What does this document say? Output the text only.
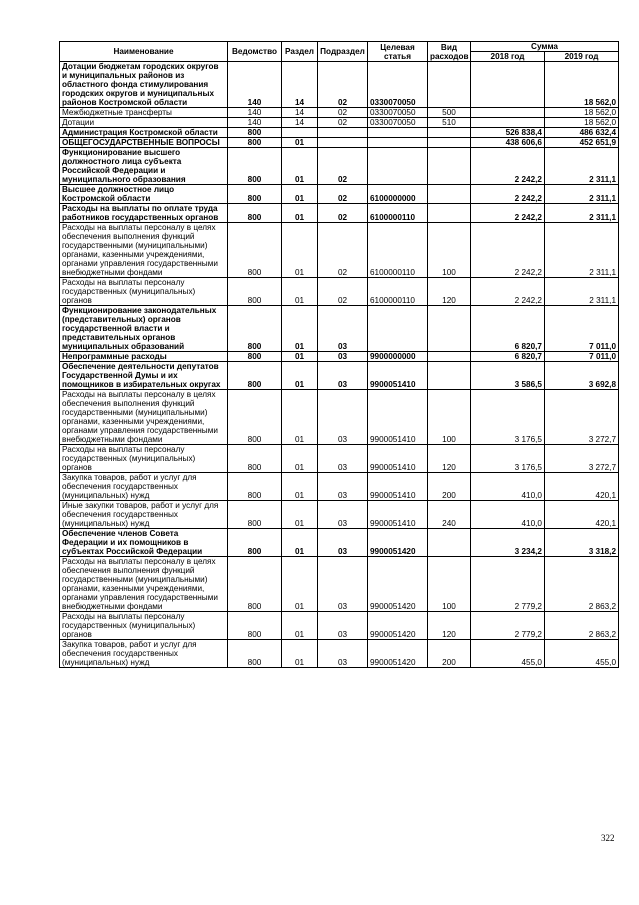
Наименование	Ведомство	Раздел	Подраздел	Целевая статья	Вид расходов	Сумма	
						2018 год	2019 год
Дотации бюджетам городских округов и муниципальных районов из областного фонда стимулирования городских округов и муниципальных районов Костромской области	140	14	02	0330070050			18 562,0
Межбюджетные трансферты	140	14	02	0330070050	500		18 562,0
Дотации	140	14	02	0330070050	510		18 562,0
Администрация Костромской области	800					526 838,4	486 632,4
ОБЩЕГОСУДАРСТВЕННЫЕ ВОПРОСЫ	800	01				438 606,6	452 651,9
Функционирование высшего должностного лица субъекта Российской Федерации и муниципального образования	800	01	02			2 242,2	2 311,1
Высшее должностное лицо Костромской области	800	01	02	6100000000		2 242,2	2 311,1
Расходы на выплаты по оплате труда работников государственных органов	800	01	02	6100000110		2 242,2	2 311,1
Расходы на выплаты персоналу в целях обеспечения выполнения функций государственными (муниципальными) органами, казенными учреждениями, органами управления государственными внебюджетными фондами	800	01	02	6100000110	100	2 242,2	2 311,1
Расходы на выплаты персоналу государственных (муниципальных) органов	800	01	02	6100000110	120	2 242,2	2 311,1
Функционирование законодательных (представительных) органов государственной власти и представительных органов муниципальных образований	800	01	03			6 820,7	7 011,0
Непрограммные расходы	800	01	03	9900000000		6 820,7	7 011,0
Обеспечение деятельности депутатов Государственной Думы и их помощников в избирательных округах	800	01	03	9900051410		3 586,5	3 692,8
Расходы на выплаты персоналу в целях обеспечения выполнения функций государственными (муниципальными) органами, казенными учреждениями, органами управления государственными внебюджетными фондами	800	01	03	9900051410	100	3 176,5	3 272,7
Расходы на выплаты персоналу государственных (муниципальных) органов	800	01	03	9900051410	120	3 176,5	3 272,7
Закупка товаров, работ и услуг для обеспечения государственных (муниципальных) нужд	800	01	03	9900051410	200	410,0	420,1
Иные закупки товаров, работ и услуг для обеспечения государственных (муниципальных) нужд	800	01	03	9900051410	240	410,0	420,1
Обеспечение членов Совета Федерации и их помощников в субъектах Российской Федерации	800	01	03	9900051420		3 234,2	3 318,2
Расходы на выплаты персоналу в целях обеспечения выполнения функций государственными (муниципальными) органами, казенными учреждениями, органами управления государственными внебюджетными фондами	800	01	03	9900051420	100	2 779,2	2 863,2
Расходы на выплаты персоналу государственных (муниципальных) органов	800	01	03	9900051420	120	2 779,2	2 863,2
Закупка товаров, работ и услуг для обеспечения государственных (муниципальных) нужд	800	01	03	9900051420	200	455,0	455,0
322
